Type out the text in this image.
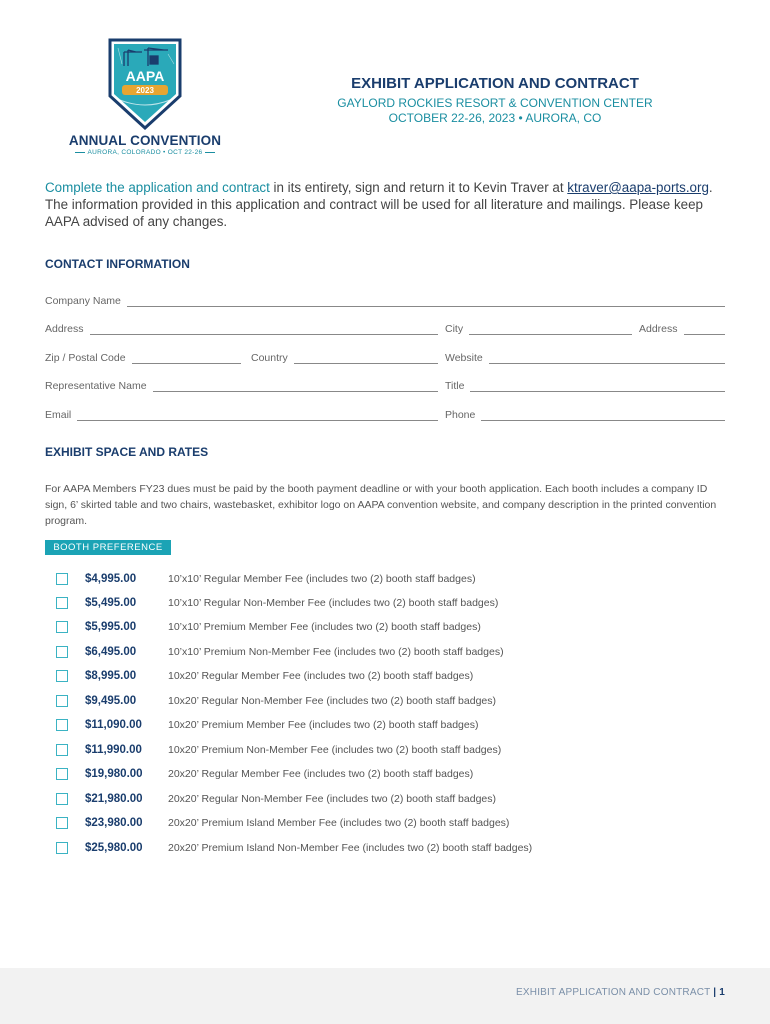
AAPA
2023
ANNUAL CONVENTION
AURORA, COLORADO • OCT 22-26
EXHIBIT APPLICATION AND CONTRACT
GAYLORD ROCKIES RESORT & CONVENTION CENTER
OCTOBER 22-26, 2023 • AURORA, CO
Complete the application and contract in its entirety, sign and return it to Kevin Traver at ktraver@aapa-ports.org. The information provided in this application and contract will be used for all literature and mailings. Please keep AAPA advised of any changes.
CONTACT INFORMATION
Company Name
Address	City	Address
Zip / Postal Code	Country	Website
Representative Name	Title
Email	Phone
EXHIBIT SPACE AND RATES
For AAPA Members FY23 dues must be paid by the booth payment deadline or with your booth application. Each booth includes a company ID sign, 6’ skirted table and two chairs, wastebasket, exhibitor logo on AAPA convention website, and company description in the printed convention program.
BOOTH PREFERENCE
$4,995.00	10’x10’ Regular Member Fee (includes two (2) booth staff badges)
$5,495.00	10’x10’ Regular Non-Member Fee (includes two (2) booth staff badges)
$5,995.00	10’x10’ Premium Member Fee (includes two (2) booth staff badges)
$6,495.00	10’x10’ Premium Non-Member Fee (includes two (2) booth staff badges)
$8,995.00	10x20’ Regular Member Fee (includes two (2) booth staff badges)
$9,495.00	10x20’ Regular Non-Member Fee (includes two (2) booth staff badges)
$11,090.00 10x20’ Premium Member Fee (includes two (2) booth staff badges)
$11,990.00 10x20’ Premium Non-Member Fee (includes two (2) booth staff badges)
$19,980.00 20x20’ Regular Member Fee (includes two (2) booth staff badges)
$21,980.00 20x20’ Regular Non-Member Fee (includes two (2) booth staff badges)
$23,980.00 20x20’ Premium Island Member Fee (includes two (2) booth staff badges)
$25,980.00 20x20’ Premium Island Non-Member Fee (includes two (2) booth staff badges)
EXHIBIT APPLICATION AND CONTRACT | 1
